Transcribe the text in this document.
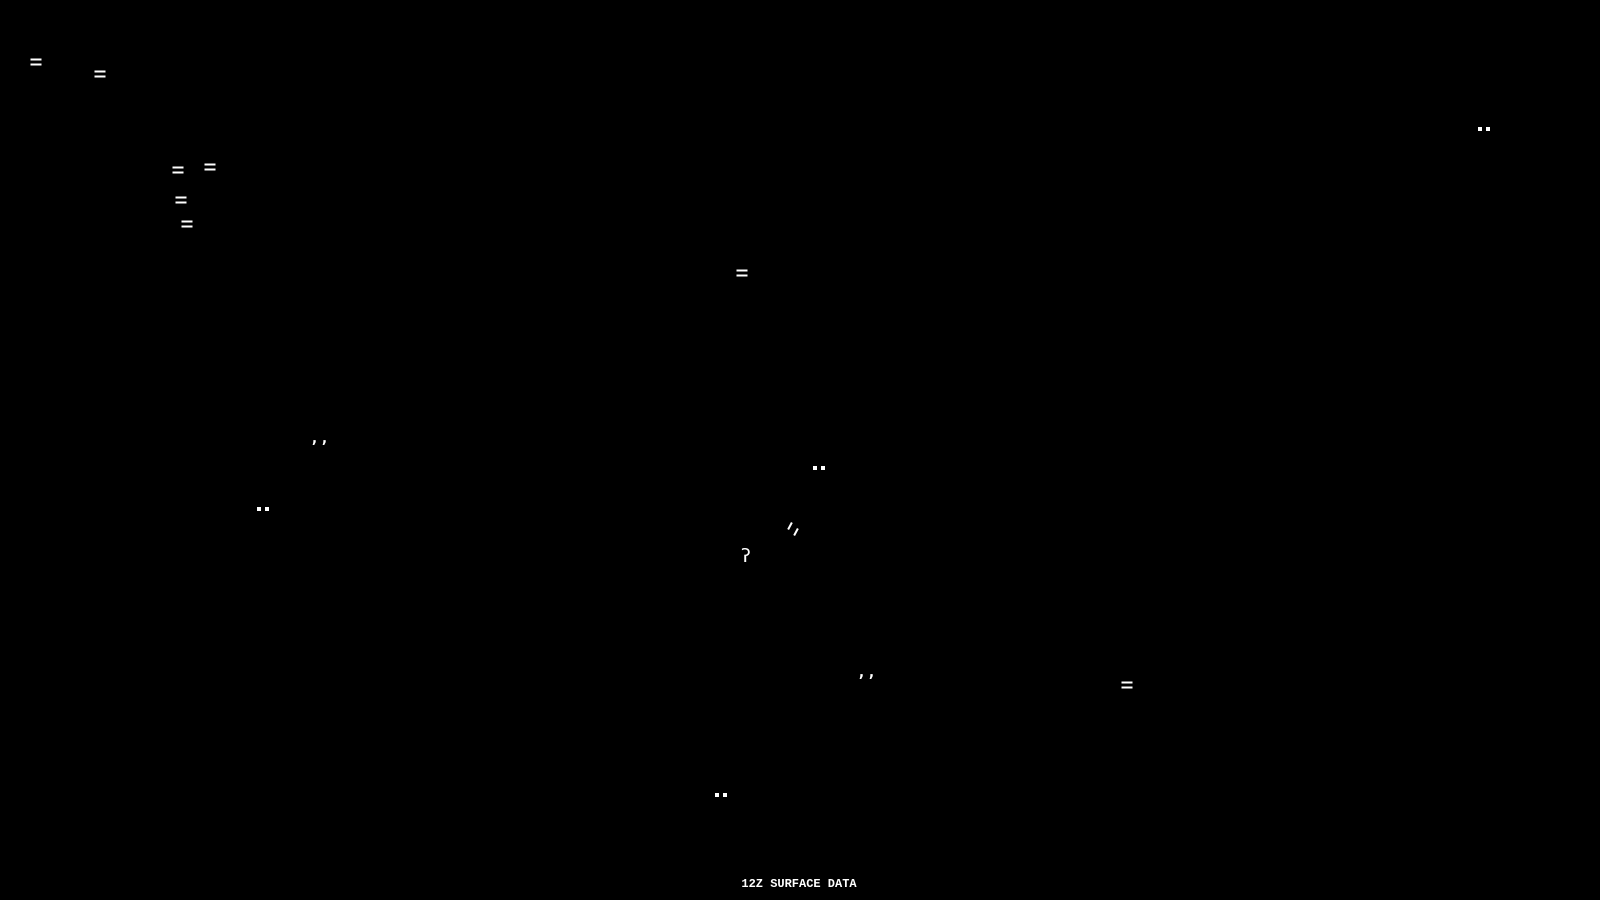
12Z SURFACE DATA
,,
ʔ
,,
